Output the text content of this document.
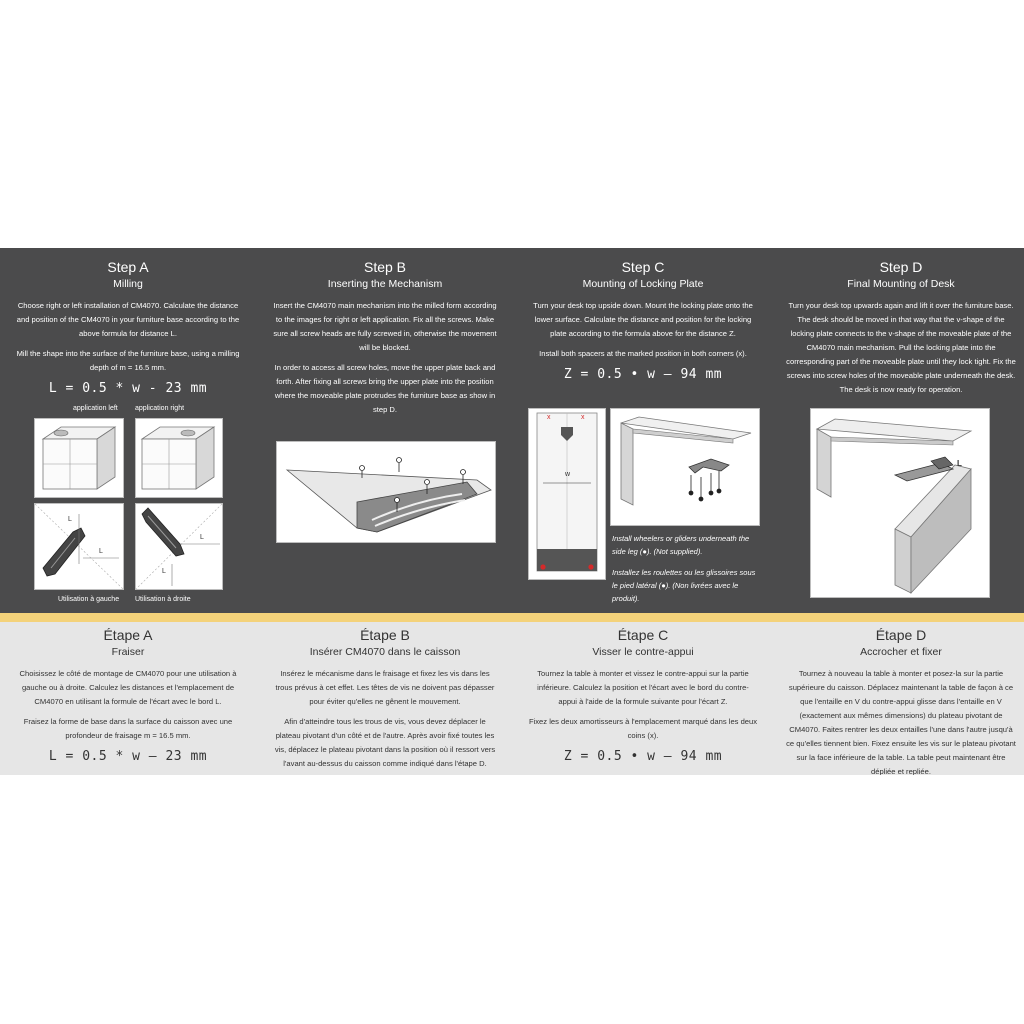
Step A
Milling

Choose right or left installation of CM4070. Calculate the distance and position of the CM4070 in your furniture base according to the above formula for distance L.

Mill the shape into the surface of the furniture base, using a milling depth of m = 16.5 mm.

L = 0.5 * w - 23 mm
application left application right
L
L
L
L
Utilisation à gauche Utilisation à droite
Step B
Inserting the Mechanism

Insert the CM4070 main mechanism into the milled form according to the images for right or left application. Fix all the screws. Make sure all screw heads are fully screwed in, otherwise the movement will be blocked.

In order to access all screw holes, move the upper plate back and forth. After fixing all screws bring the upper plate into the position where the moveable plate protrudes the furniture base as show in step D.

Step C
Mounting of Locking Plate

Turn your desk top upside down. Mount the locking plate onto the lower surface. Calculate the distance and position for the locking plate according to the formula above for the distance Z.

Install both spacers at the marked position in both corners (x).

Z = 0.5 • w – 94 mm
x	x
w
Install wheelers or gliders underneath the side leg (●). (Not supplied).
Installez les roulettes ou les glissoires sous le pied latéral (●). (Non livrées avec le produit).
Step D
Final Mounting of Desk

Turn your desk top upwards again and lift it over the furniture base. The desk should be moved in that way that the v-shape of the locking plate connects to the v-shape of the moveable plate of the CM4070 main mechanism. Pull the locking plate into the corresponding part of the moveable plate until they lock tight. Fix the screws into screw holes of the moveable plate underneath the desk. The desk is now ready for operation.

L
Étape A
Fraiser

Choisissez le côté de montage de CM4070 pour une utilisation à gauche ou à droite. Calculez les distances et l'emplacement de CM4070 en utilisant la formule de l'écart avec le bord L.

Fraisez la forme de base dans la surface du caisson avec une profondeur de fraisage m = 16.5 mm.

L = 0.5 * w – 23 mm
Étape B
Insérer CM4070 dans le caisson

Insérez le mécanisme dans le fraisage et fixez les vis dans les trous prévus à cet effet. Les têtes de vis ne doivent pas dépasser pour éviter qu'elles ne gênent le mouvement.

Afin d'atteindre tous les trous de vis, vous devez déplacer le plateau pivotant d'un côté et de l'autre. Après avoir fixé toutes les vis, déplacez le plateau pivotant dans la position où il ressort vers l'avant au-dessus du caisson comme indiqué dans l'étape D.

Étape C
Visser le contre-appui

Tournez la table à monter et vissez le contre-appui sur la partie inférieure. Calculez la position et l'écart avec le bord du contre-appui à l'aide de la formule suivante pour l'écart Z.

Fixez les deux amortisseurs à l'emplacement marqué dans les deux coins (x).

Z = 0.5 • w – 94 mm
Étape D
Accrocher et fixer

Tournez à nouveau la table à monter et posez-la sur la partie supérieure du caisson. Déplacez maintenant la table de façon à ce que l'entaille en V du contre-appui glisse dans l'entaille en V (exactement aux mêmes dimensions) du plateau pivotant de CM4070. Faites rentrer les deux entailles l'une dans l'autre jusqu'à ce qu'elles tiennent bien. Fixez ensuite les vis sur le plateau pivotant sur la face inférieure de la table. La table peut maintenant être dépliée et repliée.
